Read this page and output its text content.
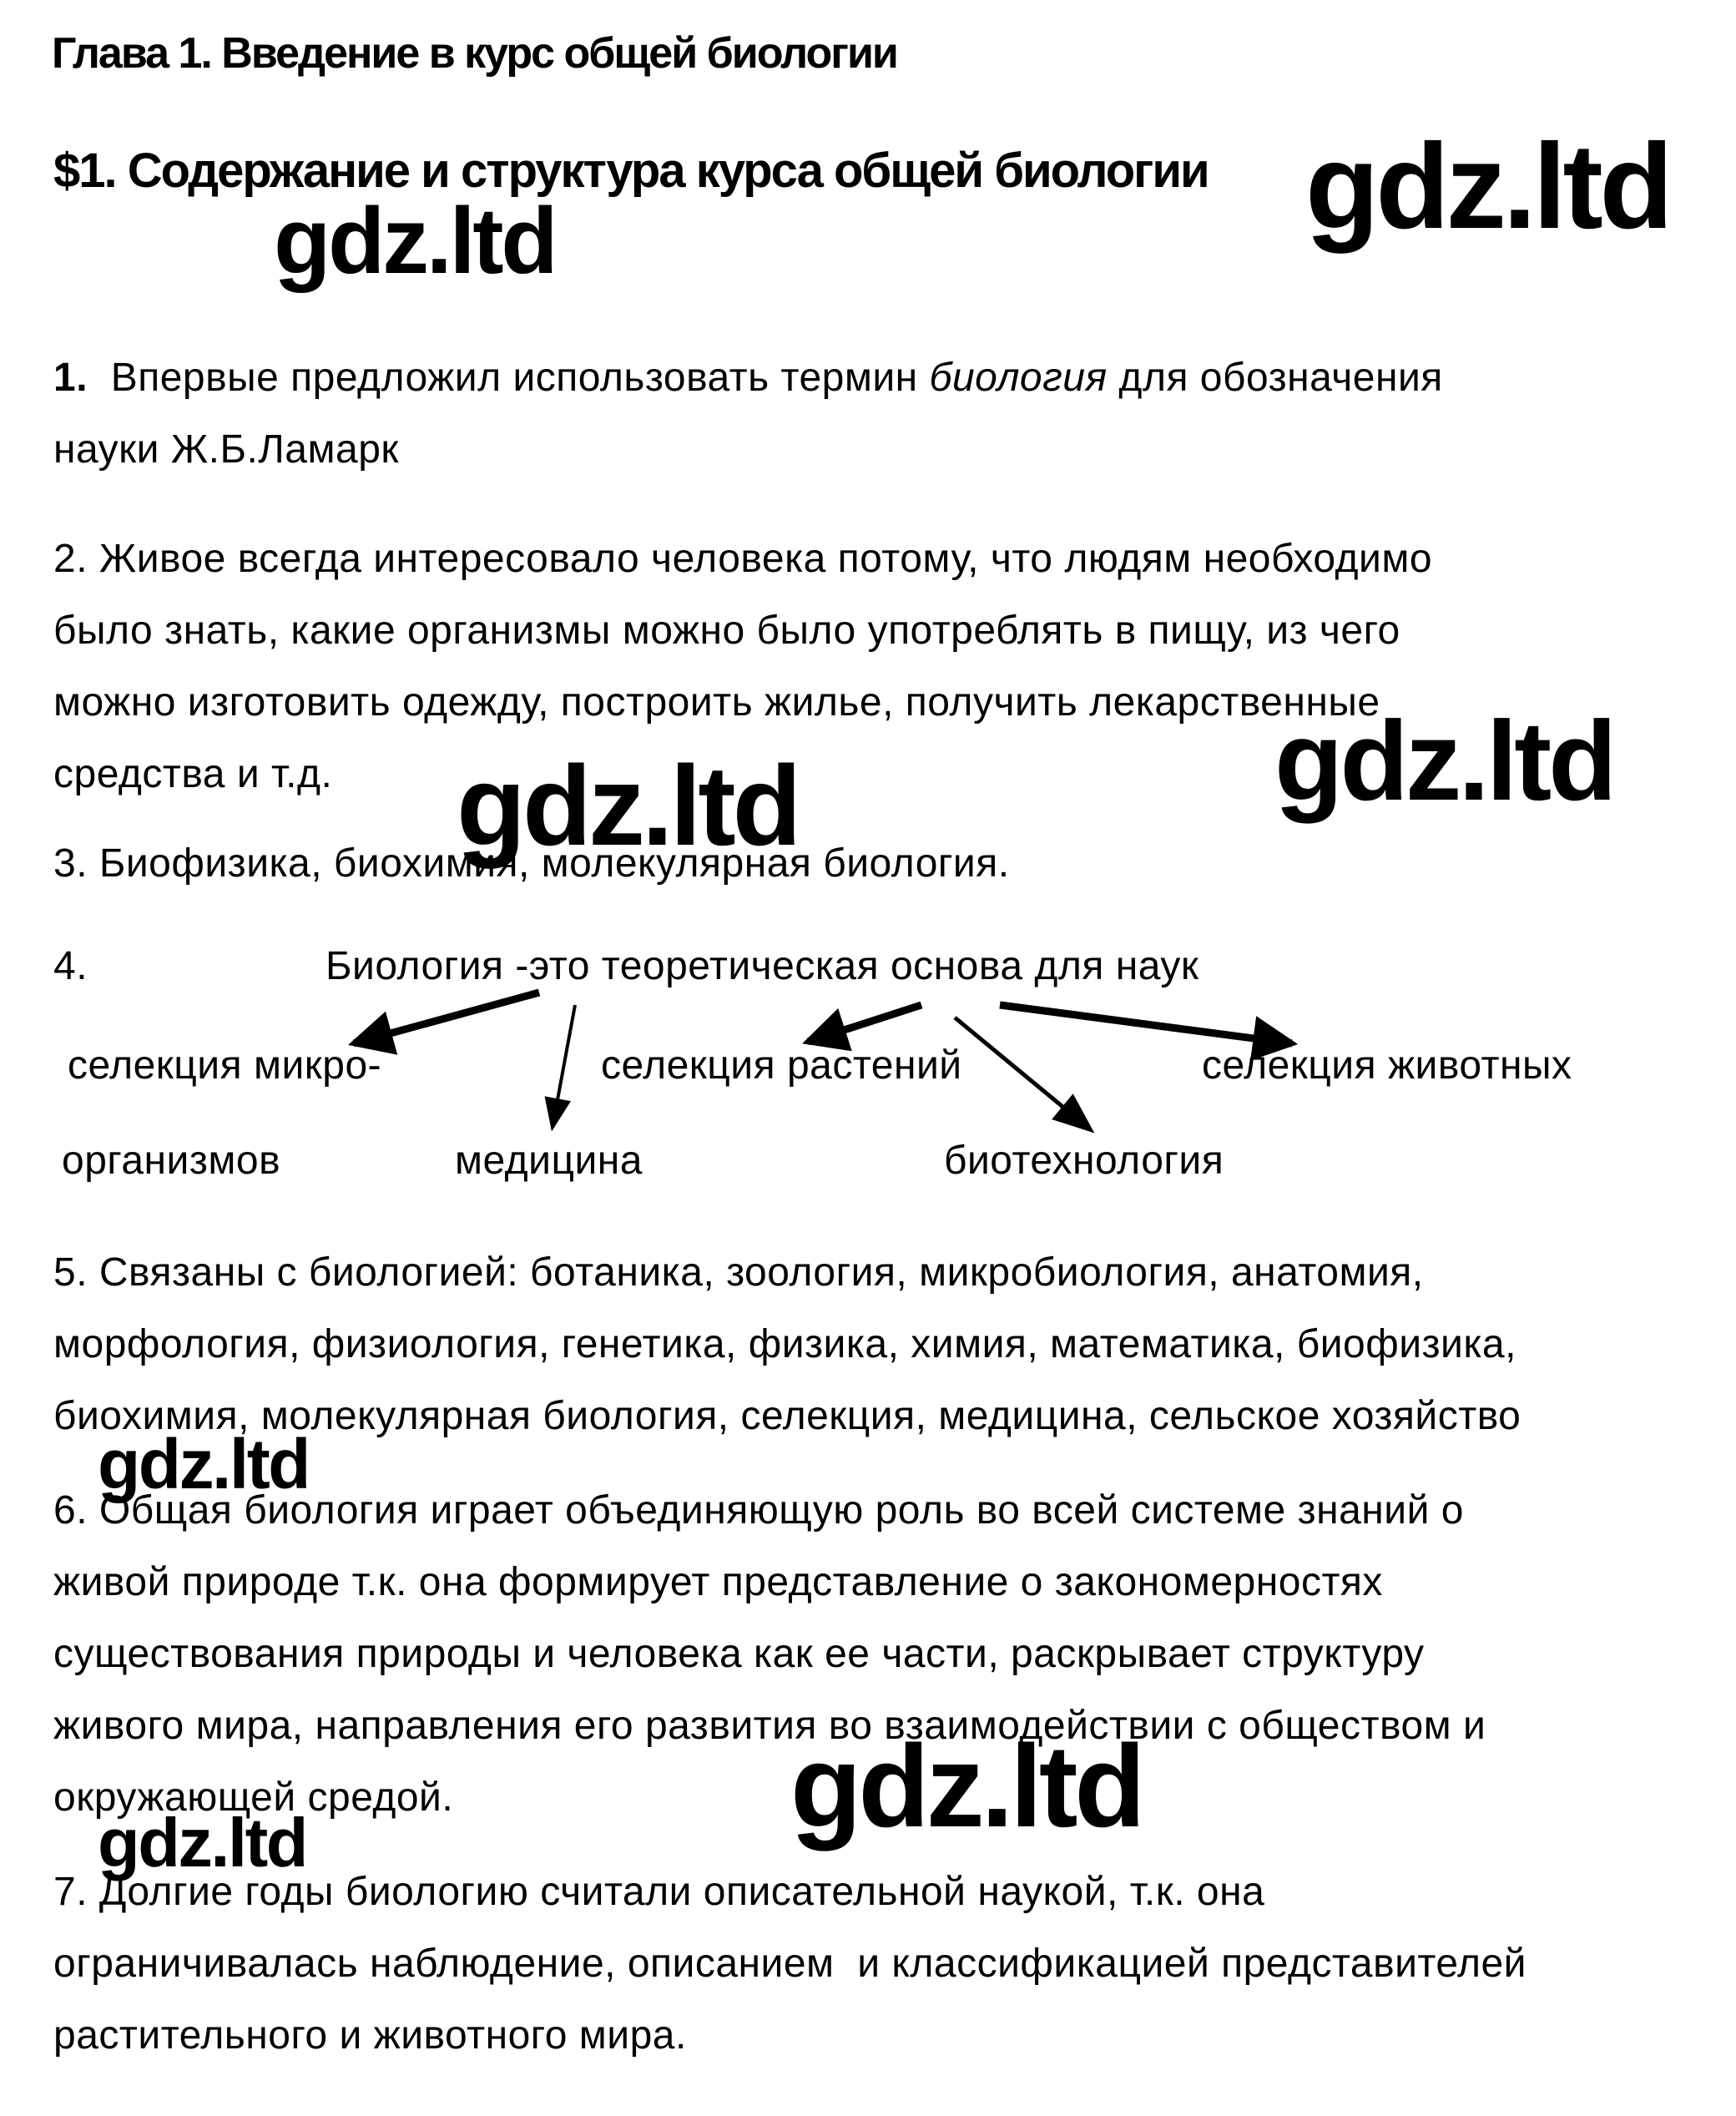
Глава 1. Введение в курс общей биологии
$1. Содержание и структура курса общей биологии gdz.ltd
gdz.ltd
gdz.ltd	gdz.ltd
gdz.ltd
gdz.ltd
gdz.ltd
1.  Впервые предложил использовать термин биология для обозначения
науки Ж.Б.Ламарк
2. Живое всегда интересовало человека потому, что людям необходимо
было знать, какие организмы можно было употреблять в пищу, из чего
можно изготовить одежду, построить жилье, получить лекарственные
средства и т.д.
3. Биофизика, биохимия, молекулярная биология.
4.	Биология -это теоретическая основа для наук
селекция микро-	селекция растений	селекция животных
организмов	медицина	биотехнология
5. Связаны с биологией: ботаника, зоология, микробиология, анатомия,
морфология, физиология, генетика, физика, химия, математика, биофизика,
биохимия, молекулярная биология, селекция, медицина, сельское хозяйство
6. Общая биология играет объединяющую роль во всей системе знаний о
живой природе т.к. она формирует представление о закономерностях
существования природы и человека как ее части, раскрывает структуру
живого мира, направления его развития во взаимодействии с обществом и
окружающей средой.
7. Долгие годы биологию считали описательной наукой, т.к. она
ограничивалась наблюдение, описанием  и классификацией представителей
растительного и животного мира.
